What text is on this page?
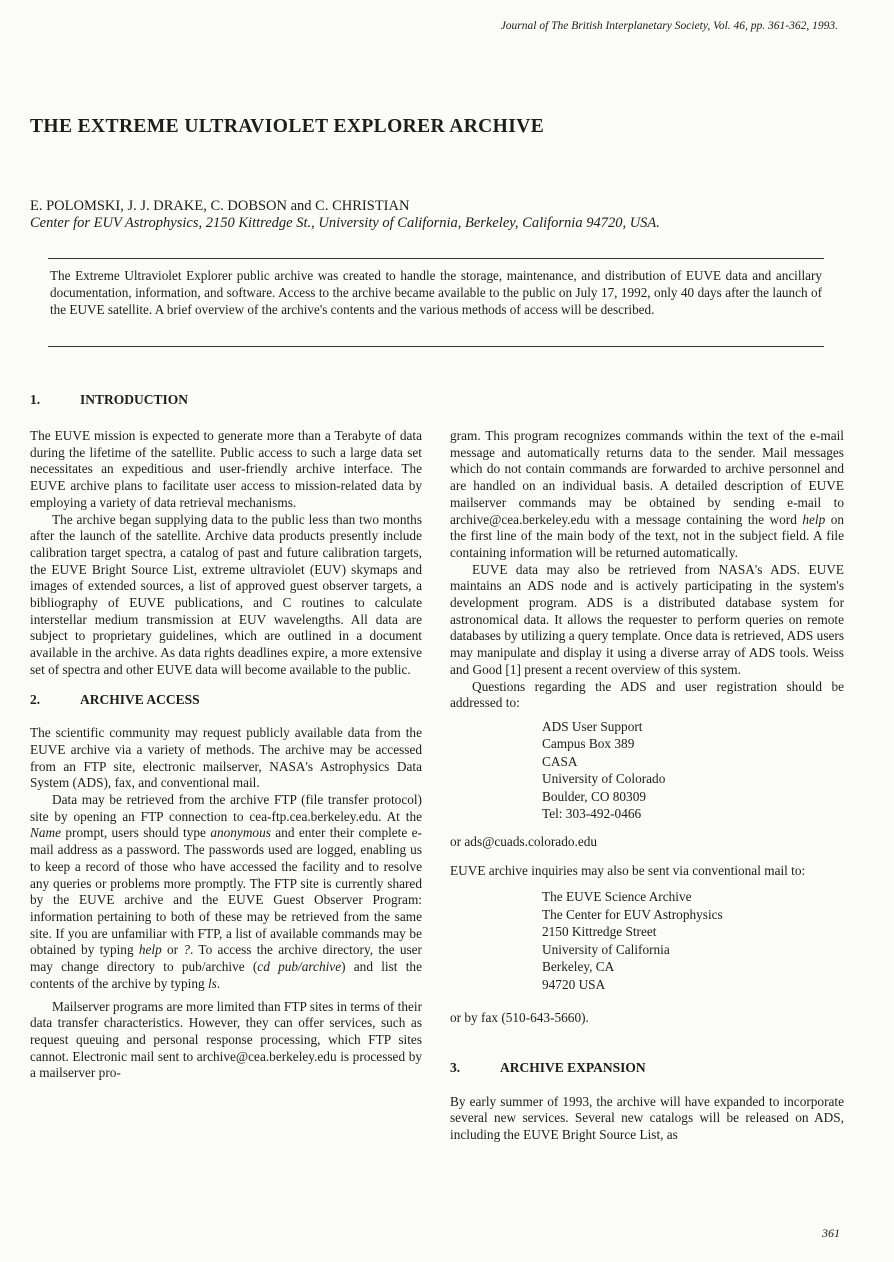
Journal of The British Interplanetary Society, Vol. 46, pp. 361-362, 1993.
THE EXTREME ULTRAVIOLET EXPLORER ARCHIVE
E. POLOMSKI, J. J. DRAKE, C. DOBSON and C. CHRISTIAN
Center for EUV Astrophysics, 2150 Kittredge St., University of California, Berkeley, California 94720, USA.
The Extreme Ultraviolet Explorer public archive was created to handle the storage, maintenance, and distribution of EUVE data and ancillary documentation, information, and software. Access to the archive became available to the public on July 17, 1992, only 40 days after the launch of the EUVE satellite. A brief overview of the archive's contents and the various methods of access will be described.
1.	INTRODUCTION

The EUVE mission is expected to generate more than a Terabyte of data during the lifetime of the satellite. Public access to such a large data set necessitates an expeditious and user-friendly archive interface. The EUVE archive plans to facilitate user access to mission-related data by employing a variety of data retrieval mechanisms.

The archive began supplying data to the public less than two months after the launch of the satellite. Archive data products presently include calibration target spectra, a catalog of past and future calibration targets, the EUVE Bright Source List, extreme ultraviolet (EUV) skymaps and images of extended sources, a list of approved guest observer targets, a bibliography of EUVE publications, and C routines to calculate interstellar medium transmission at EUV wavelengths. All data are subject to proprietary guidelines, which are outlined in a document available in the archive. As data rights deadlines expire, a more extensive set of spectra and other EUVE data will become available to the public.

2.	ARCHIVE ACCESS

The scientific community may request publicly available data from the EUVE archive via a variety of methods. The archive may be accessed from an FTP site, electronic mailserver, NASA's Astrophysics Data System (ADS), fax, and conventional mail.

Data may be retrieved from the archive FTP (file transfer protocol) site by opening an FTP connection to cea-ftp.cea.berkeley.edu. At the Name prompt, users should type anonymous and enter their complete e-mail address as a password. The passwords used are logged, enabling us to keep a record of those who have accessed the facility and to resolve any queries or problems more promptly. The FTP site is currently shared by the EUVE archive and the EUVE Guest Observer Program: information pertaining to both of these may be retrieved from the same site. If you are unfamiliar with FTP, a list of available commands may be obtained by typing help or ?. To access the archive directory, the user may change directory to pub/archive (cd pub/archive) and list the contents of the archive by typing ls.

Mailserver programs are more limited than FTP sites in terms of their data transfer characteristics. However, they can offer services, such as request queuing and personal response processing, which FTP sites cannot. Electronic mail sent to archive@cea.berkeley.edu is processed by a mailserver pro-

gram. This program recognizes commands within the text of the e-mail message and automatically returns data to the sender. Mail messages which do not contain commands are forwarded to archive personnel and are handled on an individual basis. A detailed description of EUVE mailserver commands may be obtained by sending e-mail to archive@cea.berkeley.edu with a message containing the word help on the first line of the main body of the text, not in the subject field. A file containing information will be returned automatically.

EUVE data may also be retrieved from NASA's ADS. EUVE maintains an ADS node and is actively participating in the system's development program. ADS is a distributed database system for astronomical data. It allows the requester to perform queries on remote databases by utilizing a query template. Once data is retrieved, ADS users may manipulate and display it using a diverse array of ADS tools. Weiss and Good [1] present a recent overview of this system.

Questions regarding the ADS and user registration should be addressed to:

ADS User Support
Campus Box 389
CASA
University of Colorado
Boulder, CO 80309
Tel: 303-492-0466

or ads@cuads.colorado.edu

EUVE archive inquiries may also be sent via conventional mail to:

The EUVE Science Archive
The Center for EUV Astrophysics
2150 Kittredge Street
University of California
Berkeley, CA
94720 USA

or by fax (510-643-5660).

3.	ARCHIVE EXPANSION

By early summer of 1993, the archive will have expanded to incorporate several new services. Several new catalogs will be released on ADS, including the EUVE Bright Source List, as

361
